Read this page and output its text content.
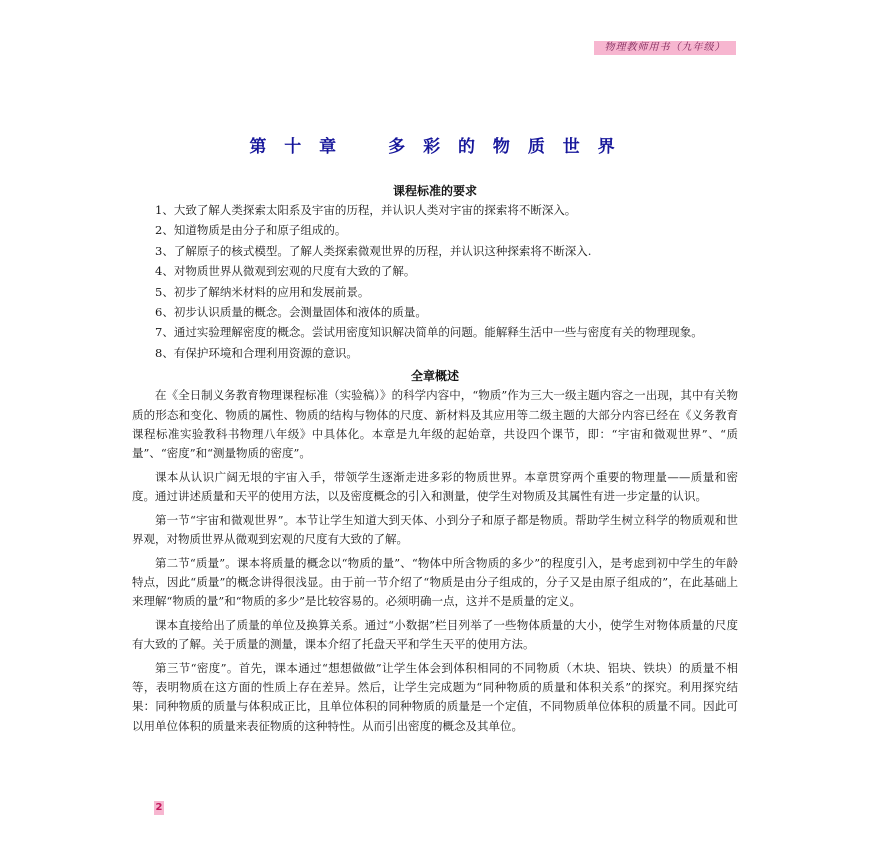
物理教师用书（九年级）
第 十 章　　多 彩 的 物 质 世 界
课程标准的要求

1、大致了解人类探索太阳系及宇宙的历程，并认识人类对宇宙的探索将不断深入。

2、知道物质是由分子和原子组成的。

3、了解原子的核式模型。了解人类探索微观世界的历程，并认识这种探索将不断深入.

4、对物质世界从微观到宏观的尺度有大致的了解。

5、初步了解纳米材料的应用和发展前景。

6、初步认识质量的概念。会测量固体和液体的质量。

7、通过实验理解密度的概念。尝试用密度知识解决简单的问题。能解释生活中一些与密度有关的物理现象。

8、有保护环境和合理利用资源的意识。

全章概述

在《全日制义务教育物理课程标准（实验稿）》的科学内容中，“物质”作为三大一级主题内容之一出现，其中有关物质的形态和变化、物质的属性、物质的结构与物体的尺度、新材料及其应用等二级主题的大部分内容已经在《义务教育课程标准实验教科书物理八年级》中具体化。本章是九年级的起始章，共设四个课节，即：“宇宙和微观世界”、“质量”、“密度”和“测量物质的密度”。

课本从认识广阔无垠的宇宙入手，带领学生逐渐走进多彩的物质世界。本章贯穿两个重要的物理量——质量和密度。通过讲述质量和天平的使用方法，以及密度概念的引入和测量，使学生对物质及其属性有进一步定量的认识。

第一节“宇宙和微观世界”。本节让学生知道大到天体、小到分子和原子都是物质。帮助学生树立科学的物质观和世界观，对物质世界从微观到宏观的尺度有大致的了解。

第二节“质量”。课本将质量的概念以“物质的量”、“物体中所含物质的多少”的程度引入，是考虑到初中学生的年龄特点，因此“质量”的概念讲得很浅显。由于前一节介绍了“物质是由分子组成的，分子又是由原子组成的”，在此基础上来理解“物质的量”和“物质的多少”是比较容易的。必须明确一点，这并不是质量的定义。

课本直接给出了质量的单位及换算关系。通过“小数据”栏目列举了一些物体质量的大小，使学生对物体质量的尺度有大致的了解。关于质量的测量，课本介绍了托盘天平和学生天平的使用方法。

第三节“密度”。首先，课本通过“想想做做”让学生体会到体积相同的不同物质（木块、铝块、铁块）的质量不相等，表明物质在这方面的性质上存在差异。然后，让学生完成题为“同种物质的质量和体积关系”的探究。利用探究结果：同种物质的质量与体积成正比，且单位体积的同种物质的质量是一个定值，不同物质单位体积的质量不同。因此可以用单位体积的质量来表征物质的这种特性。从而引出密度的概念及其单位。

2
